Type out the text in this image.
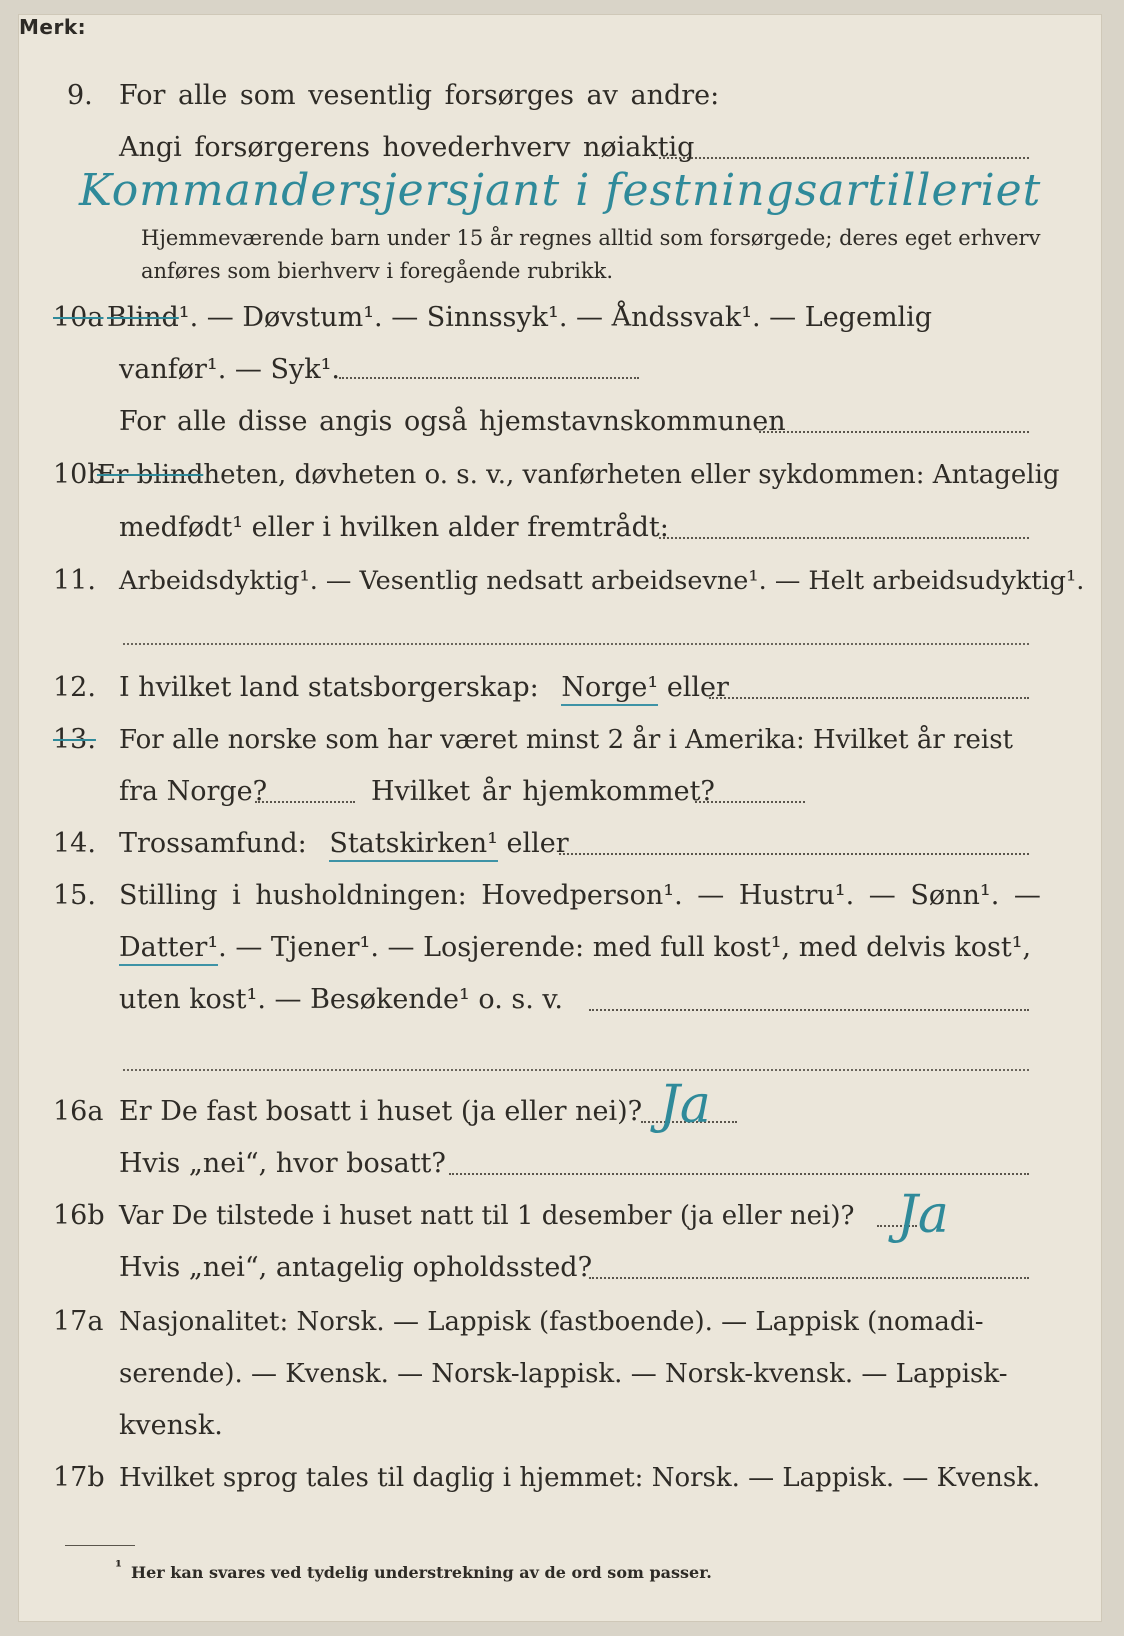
9. For alle som vesentlig forsørges av andre:
Angi forsørgerens hovederhverv nøiaktig
Kommandersjersjant i festningsartilleriet
Merk:
Hjemmeværende barn under 15 år regnes alltid som forsørgede; deres eget erhverv
anføres som bierhverv i foregående rubrikk.
10a Blind¹. — Døvstum¹. — Sinnssyk¹. — Åndssvak¹. — Legemlig
vanfør¹. — Syk¹.
For alle disse angis også hjemstavnskommunen
10b
Er blindheten, døvheten o. s. v., vanførheten eller sykdommen: Antagelig
medfødt¹ eller i hvilken alder fremtrådt:
11. Arbeidsdyktig¹. — Vesentlig nedsatt arbeidsevne¹. — Helt arbeidsudyktig¹.
12. I hvilket land statsborgerskap: Norge¹ eller
13. For alle norske som har været minst 2 år i Amerika: Hvilket år reist
fra Norge?	Hvilket år hjemkommet?
14. Trossamfund: Statskirken¹ eller
15. Stilling i husholdningen: Hovedperson¹. — Hustru¹. — Sønn¹. —
Datter¹. — Tjener¹. — Losjerende: med full kost¹, med delvis kost¹,
uten kost¹. — Besøkende¹ o. s. v.
16a Er De fast bosatt i huset (ja eller nei)? Ja
Hvis „nei“, hvor bosatt?
16b Var De tilstede i huset natt til 1 desember (ja eller nei)? Ja
Hvis „nei“, antagelig opholdssted?
17a Nasjonalitet: Norsk. — Lappisk (fastboende). — Lappisk (nomadi-
serende). — Kvensk. — Norsk-lappisk. — Norsk-kvensk. — Lappisk-
kvensk.
17b Hvilket sprog tales til daglig i hjemmet: Norsk. — Lappisk. — Kvensk.
¹ Her kan svares ved tydelig understrekning av de ord som passer.
